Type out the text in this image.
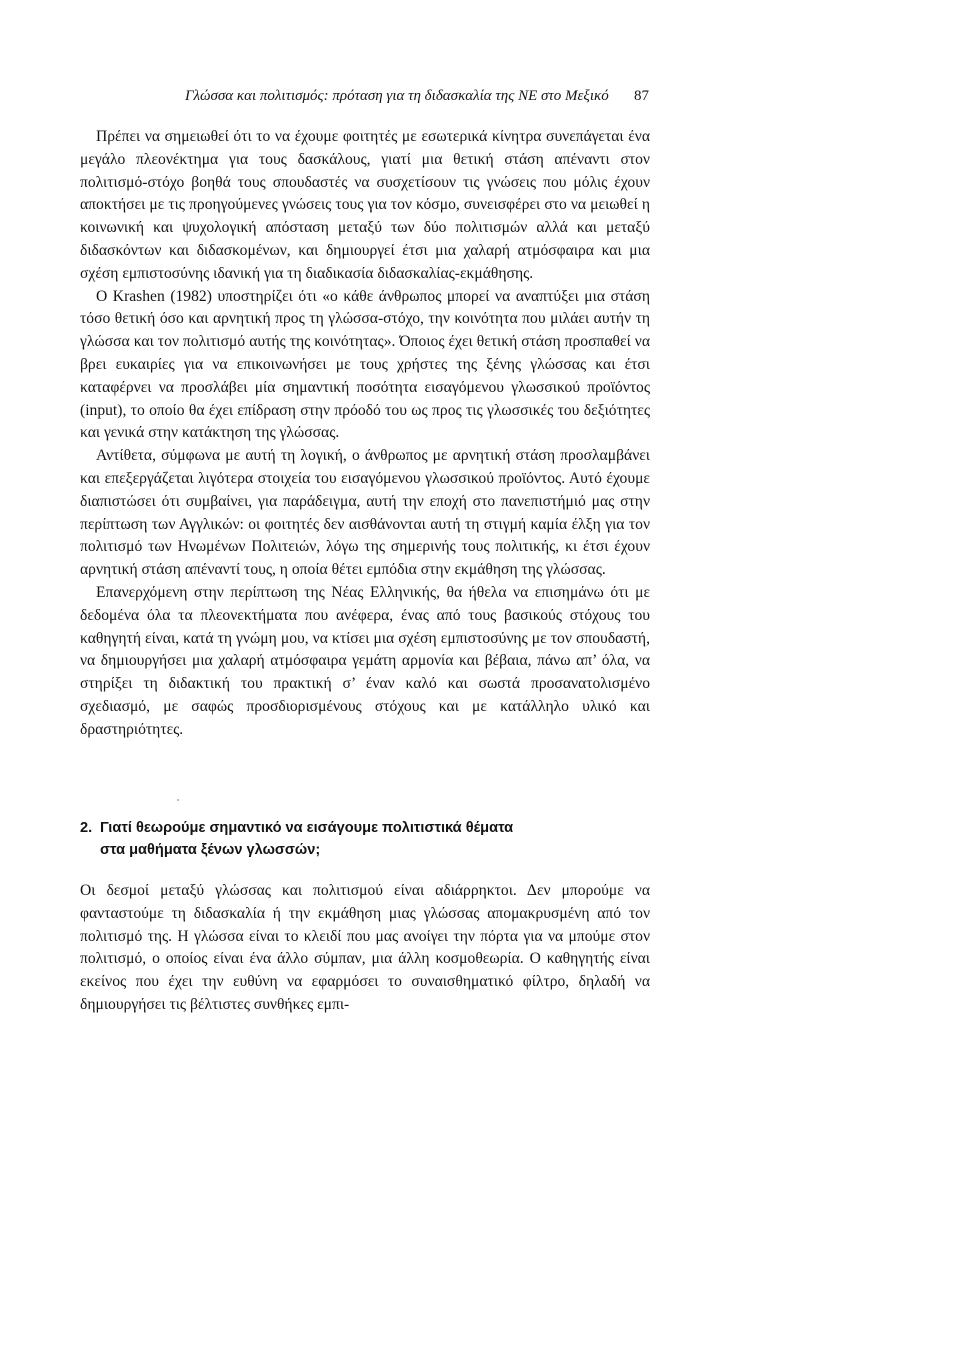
Γλώσσα και πολιτισμός: πρόταση για τη διδασκαλία της ΝΕ στο Μεξικό 87

Πρέπει να σημειωθεί ότι το να έχουμε φοιτητές με εσωτερικά κίνητρα συνεπάγεται ένα μεγάλο πλεονέκτημα για τους δασκάλους, γιατί μια θετική στάση απέναντι στον πολιτισμό-στόχο βοηθά τους σπουδαστές να συσχετίσουν τις γνώσεις που μόλις έχουν αποκτήσει με τις προηγούμενες γνώσεις τους για τον κόσμο, συνεισφέρει στο να μειωθεί η κοινωνική και ψυχολογική απόσταση μεταξύ των δύο πολιτισμών αλλά και μεταξύ διδασκόντων και διδασκομένων, και δημιουργεί έτσι μια χαλαρή ατμόσφαιρα και μια σχέση εμπιστοσύνης ιδανική για τη διαδικασία διδασκαλίας-εκμάθησης.

Ο Krashen (1982) υποστηρίζει ότι «ο κάθε άνθρωπος μπορεί να αναπτύξει μια στάση τόσο θετική όσο και αρνητική προς τη γλώσσα-στόχο, την κοινότητα που μιλάει αυτήν τη γλώσσα και τον πολιτισμό αυτής της κοινότητας». Όποιος έχει θετική στάση προσπαθεί να βρει ευκαιρίες για να επικοινωνήσει με τους χρήστες της ξένης γλώσσας και έτσι καταφέρνει να προσλάβει μία σημαντική ποσότητα εισαγόμενου γλωσσικού προϊόντος (input), το οποίο θα έχει επίδραση στην πρόοδό του ως προς τις γλωσσικές του δεξιότητες και γενικά στην κατάκτηση της γλώσσας.

Αντίθετα, σύμφωνα με αυτή τη λογική, ο άνθρωπος με αρνητική στάση προσλαμβάνει και επεξεργάζεται λιγότερα στοιχεία του εισαγόμενου γλωσσικού προϊόντος. Αυτό έχουμε διαπιστώσει ότι συμβαίνει, για παράδειγμα, αυτή την εποχή στο πανεπιστήμιό μας στην περίπτωση των Αγγλικών: οι φοιτητές δεν αισθάνονται αυτή τη στιγμή καμία έλξη για τον πολιτισμό των Ηνωμένων Πολιτειών, λόγω της σημερινής τους πολιτικής, κι έτσι έχουν αρνητική στάση απέναντί τους, η οποία θέτει εμπόδια στην εκμάθηση της γλώσσας.

Επανερχόμενη στην περίπτωση της Νέας Ελληνικής, θα ήθελα να επισημάνω ότι με δεδομένα όλα τα πλεονεκτήματα που ανέφερα, ένας από τους βασικούς στόχους του καθηγητή είναι, κατά τη γνώμη μου, να κτίσει μια σχέση εμπιστοσύνης με τον σπουδαστή, να δημιουργήσει μια χαλαρή ατμόσφαιρα γεμάτη αρμονία και βέβαια, πάνω απ’ όλα, να στηρίξει τη διδακτική του πρακτική σ’ έναν καλό και σωστά προσανατολισμένο σχεδιασμό, με σαφώς προσδιορισμένους στόχους και με κατάλληλο υλικό και δραστηριότητες.

2. Γιατί θεωρούμε σημαντικό να εισάγουμε πολιτιστικά θέματα
στα μαθήματα ξένων γλωσσών;

Οι δεσμοί μεταξύ γλώσσας και πολιτισμού είναι αδιάρρηκτοι. Δεν μπορούμε να φανταστούμε τη διδασκαλία ή την εκμάθηση μιας γλώσσας απομακρυσμένη από τον πολιτισμό της. Η γλώσσα είναι το κλειδί που μας ανοίγει την πόρτα για να μπούμε στον πολιτισμό, ο οποίος είναι ένα άλλο σύμπαν, μια άλλη κοσμοθεωρία. Ο καθηγητής είναι εκείνος που έχει την ευθύνη να εφαρμόσει το συναισθηματικό φίλτρο, δηλαδή να δημιουργήσει τις βέλτιστες συνθήκες εμπι-
